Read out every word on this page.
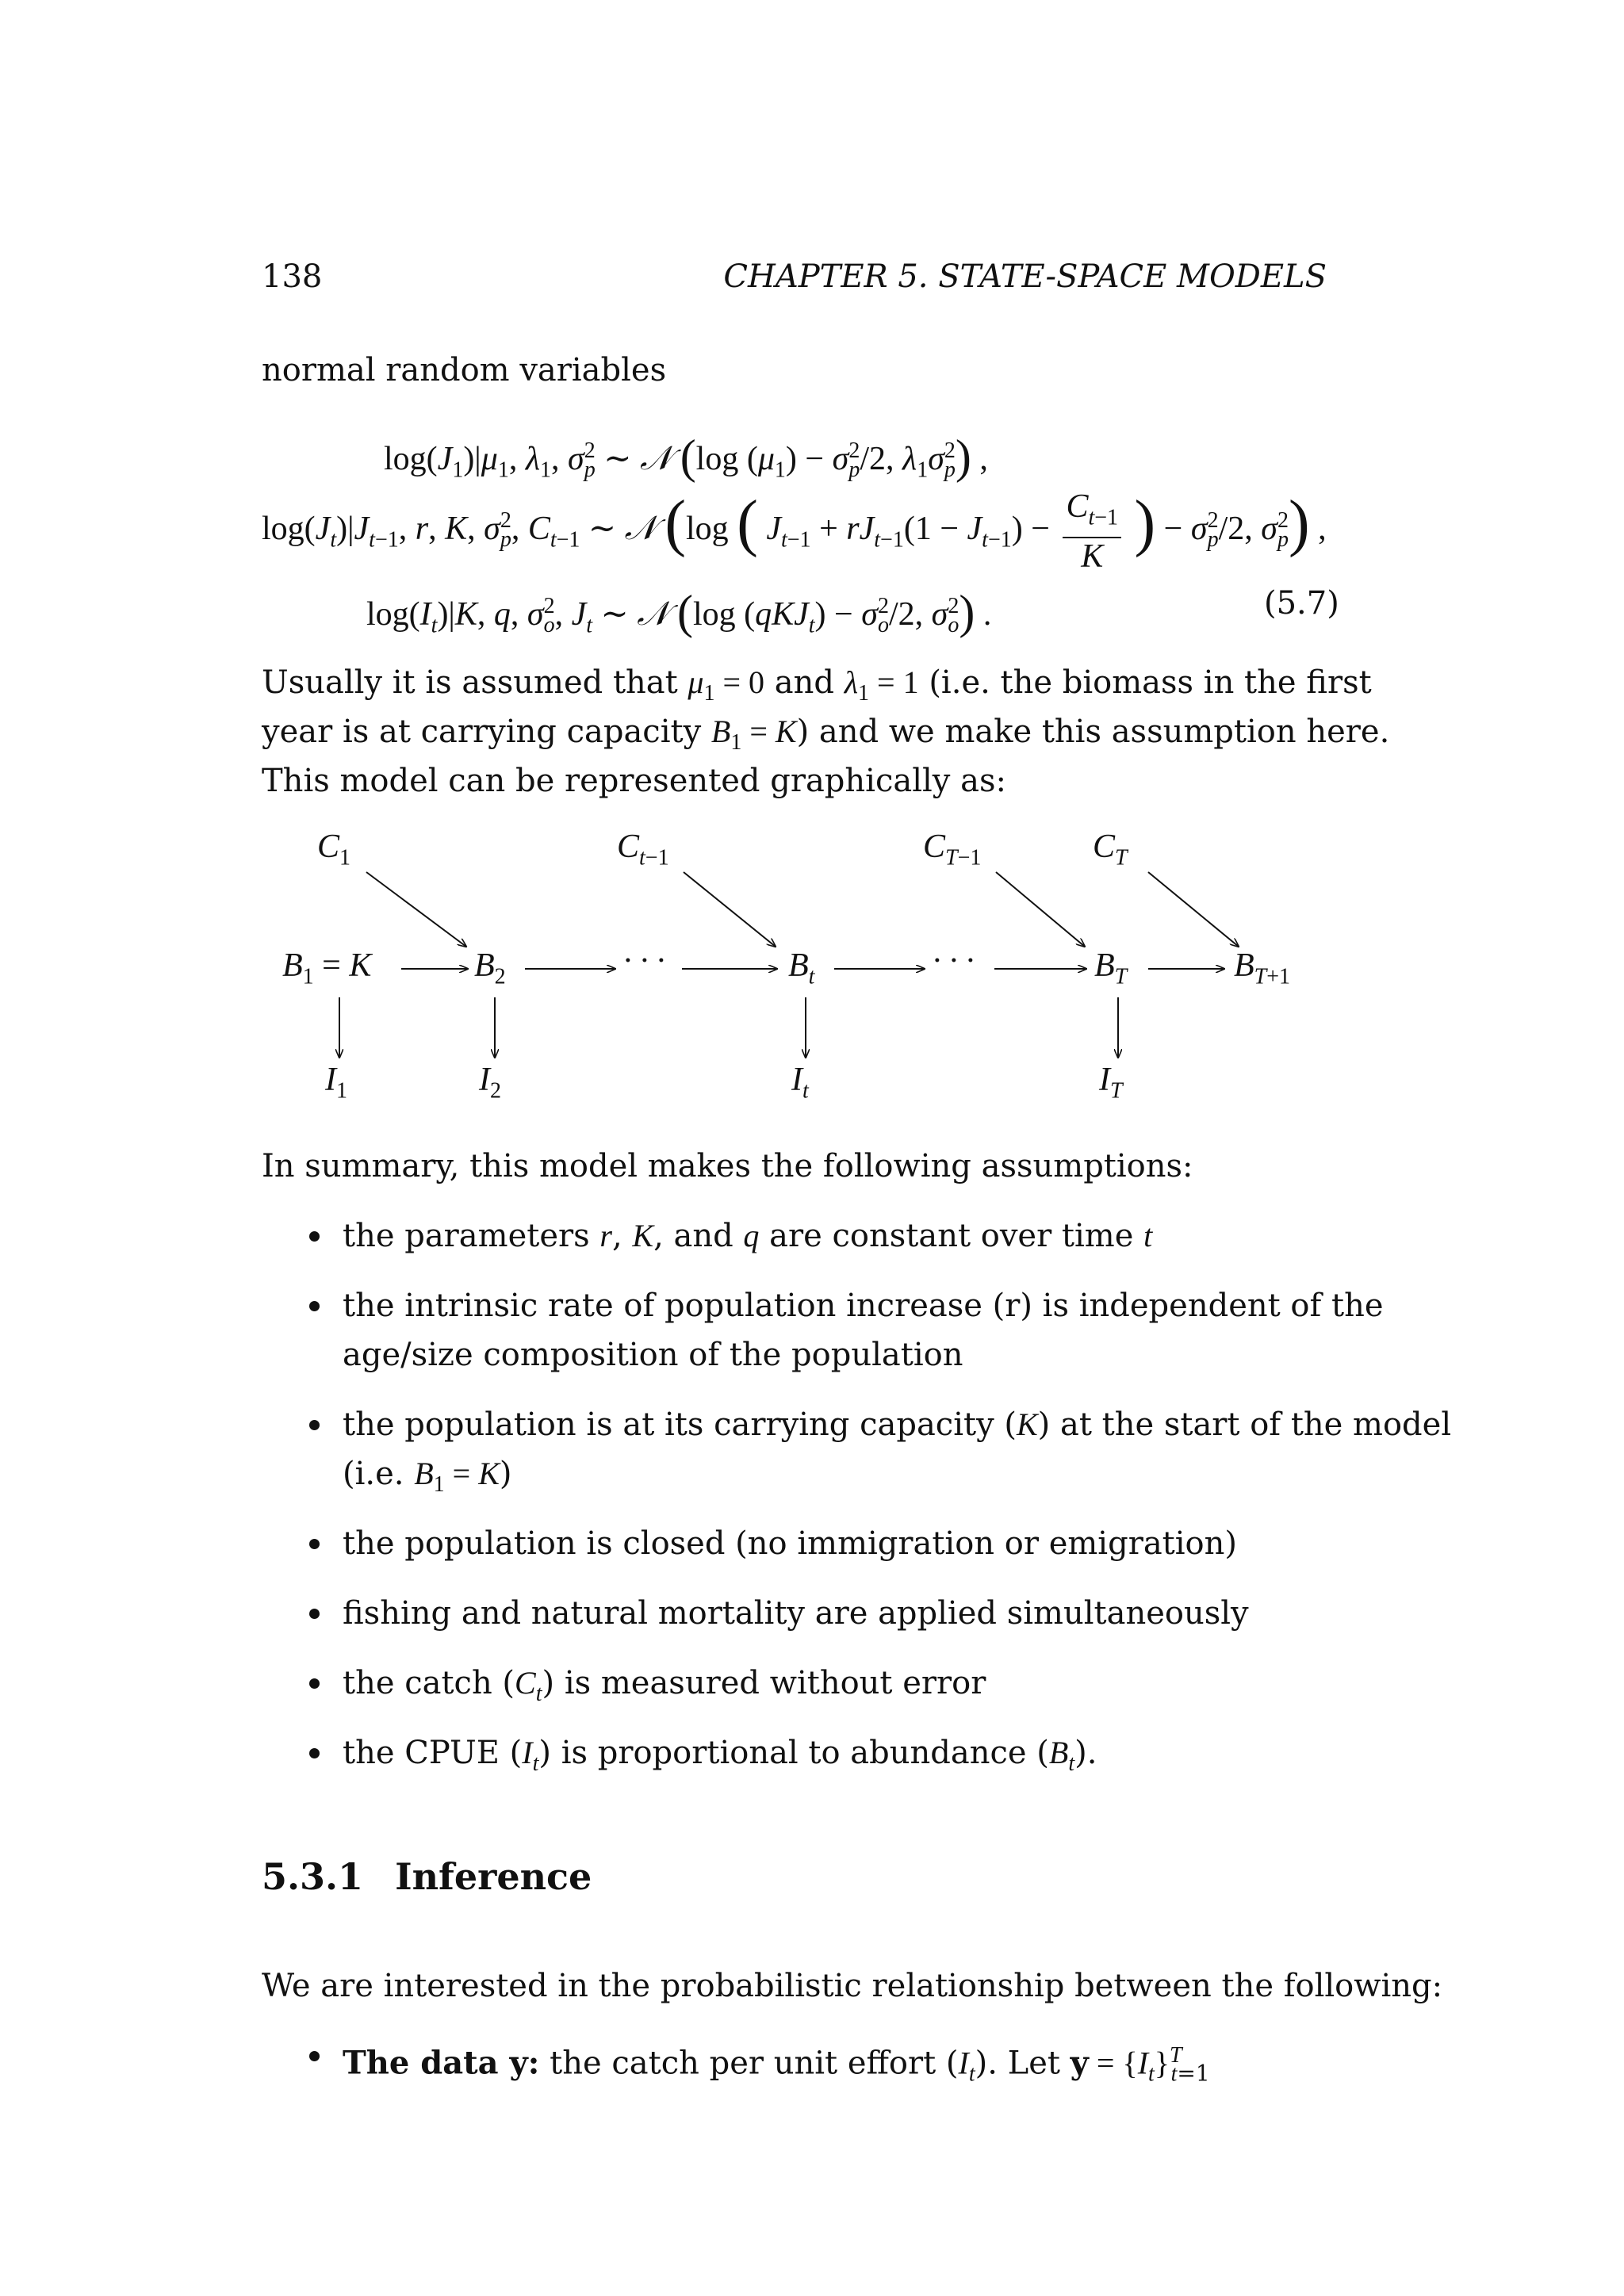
138	CHAPTER 5. STATE-SPACE MODELS
normal random variables
$\log(J_1)|\mu_1$, $\lambda_1$, $\sigma^2_p$ ∼ 𝒩 (log $(\mu_1) - \sigma^2_p/2$, $\lambda_1\sigma^2_p$) ,
$\log(J_t)|J_{t-1}$, r, K, $\sigma^2_p$, $C_{t-1}$ ∼ 𝒩 (log ( $J_{t-1} + rJ_{t-1}(1 - J_{t-1}) - \frac{C_{t-1}}{K}$ ) − $\sigma^2_p/2$, $\sigma^2_p$) ,
$\log(I_t)|K$, q, $\sigma^2_o$, $J_t$ ∼ 𝒩 (log $(qKJ_t) - \sigma^2_o/2$, $\sigma^2_o$) .	(5.7)
Usually it is assumed that $\mu_1 = 0$ and $\lambda_1 = 1$ (i.e. the biomass in the first
year is at carrying capacity $B_1 = K$) and we make this assumption here.
This model can be represented graphically as:
$C_1$	$C_{t-1}$	$C_{T-1}$	$C_T$
$B_1 = K$	$B_2$	· · ·	$B_t$	· · ·	$B_T$	$B_{T+1}$
$I_1$	$I_2$	$I_t$	$I_T$
In summary, this model makes the following assumptions:
the parameters r, K, and q are constant over time t
the intrinsic rate of population increase (r) is independent of the
age/size composition of the population
the population is at its carrying capacity (K) at the start of the model
(i.e. $B_1 = K$)
the population is closed (no immigration or emigration)
fishing and natural mortality are applied simultaneously
the catch $(C_t)$ is measured without error
the CPUE $(I_t)$ is proportional to abundance $(B_t)$.
5.3.1 Inference
We are interested in the probabilistic relationship between the following:
The data y: the catch per unit effort $(I_t)$. Let $y = \{I_t\}^T_{t=1}$
